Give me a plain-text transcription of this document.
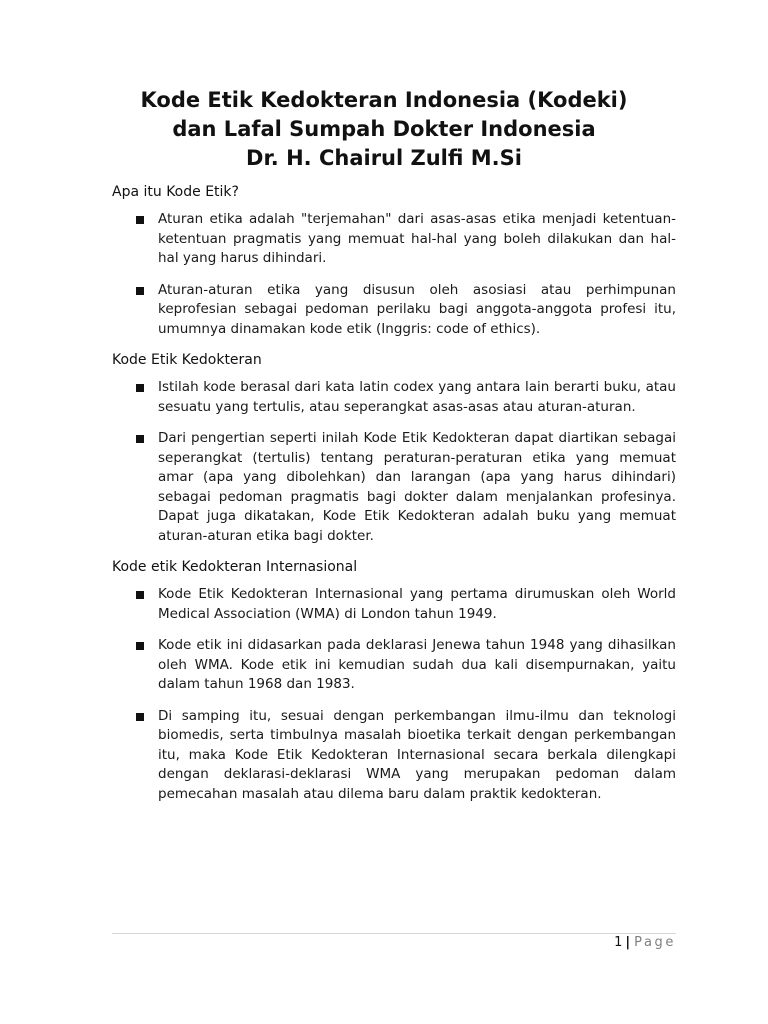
Kode Etik Kedokteran Indonesia (Kodeki)
dan Lafal Sumpah Dokter Indonesia
Dr. H. Chairul Zulfi M.Si
Apa itu Kode Etik?
Aturan etika adalah "terjemahan" dari asas-asas etika menjadi ketentuan-ketentuan pragmatis yang memuat hal-hal yang boleh dilakukan dan hal-hal yang harus dihindari.
Aturan-aturan etika yang disusun oleh asosiasi atau perhimpunan keprofesian sebagai pedoman perilaku bagi anggota-anggota profesi itu, umumnya dinamakan kode etik (Inggris: code of ethics).
Kode Etik Kedokteran
Istilah kode berasal dari kata latin codex yang antara lain berarti buku, atau sesuatu yang tertulis, atau seperangkat asas-asas atau aturan-aturan.
Dari pengertian seperti inilah Kode Etik Kedokteran dapat diartikan sebagai seperangkat (tertulis) tentang peraturan-peraturan etika yang memuat amar (apa yang dibolehkan) dan larangan (apa yang harus dihindari) sebagai pedoman pragmatis bagi dokter dalam menjalankan profesinya. Dapat juga dikatakan, Kode Etik Kedokteran adalah buku yang memuat aturan-aturan etika bagi dokter.
Kode etik Kedokteran Internasional
Kode Etik Kedokteran Internasional yang pertama dirumuskan oleh World Medical Association (WMA) di London tahun 1949.
Kode etik ini didasarkan pada deklarasi Jenewa tahun 1948 yang dihasilkan oleh WMA. Kode etik ini kemudian sudah dua kali disempurnakan, yaitu dalam tahun 1968 dan 1983.
Di samping itu, sesuai dengan perkembangan ilmu-ilmu dan teknologi biomedis, serta timbulnya masalah bioetika terkait dengan perkembangan itu, maka Kode Etik Kedokteran Internasional secara berkala dilengkapi dengan deklarasi-deklarasi WMA yang merupakan pedoman dalam pemecahan masalah atau dilema baru dalam praktik kedokteran.
1 | Page
